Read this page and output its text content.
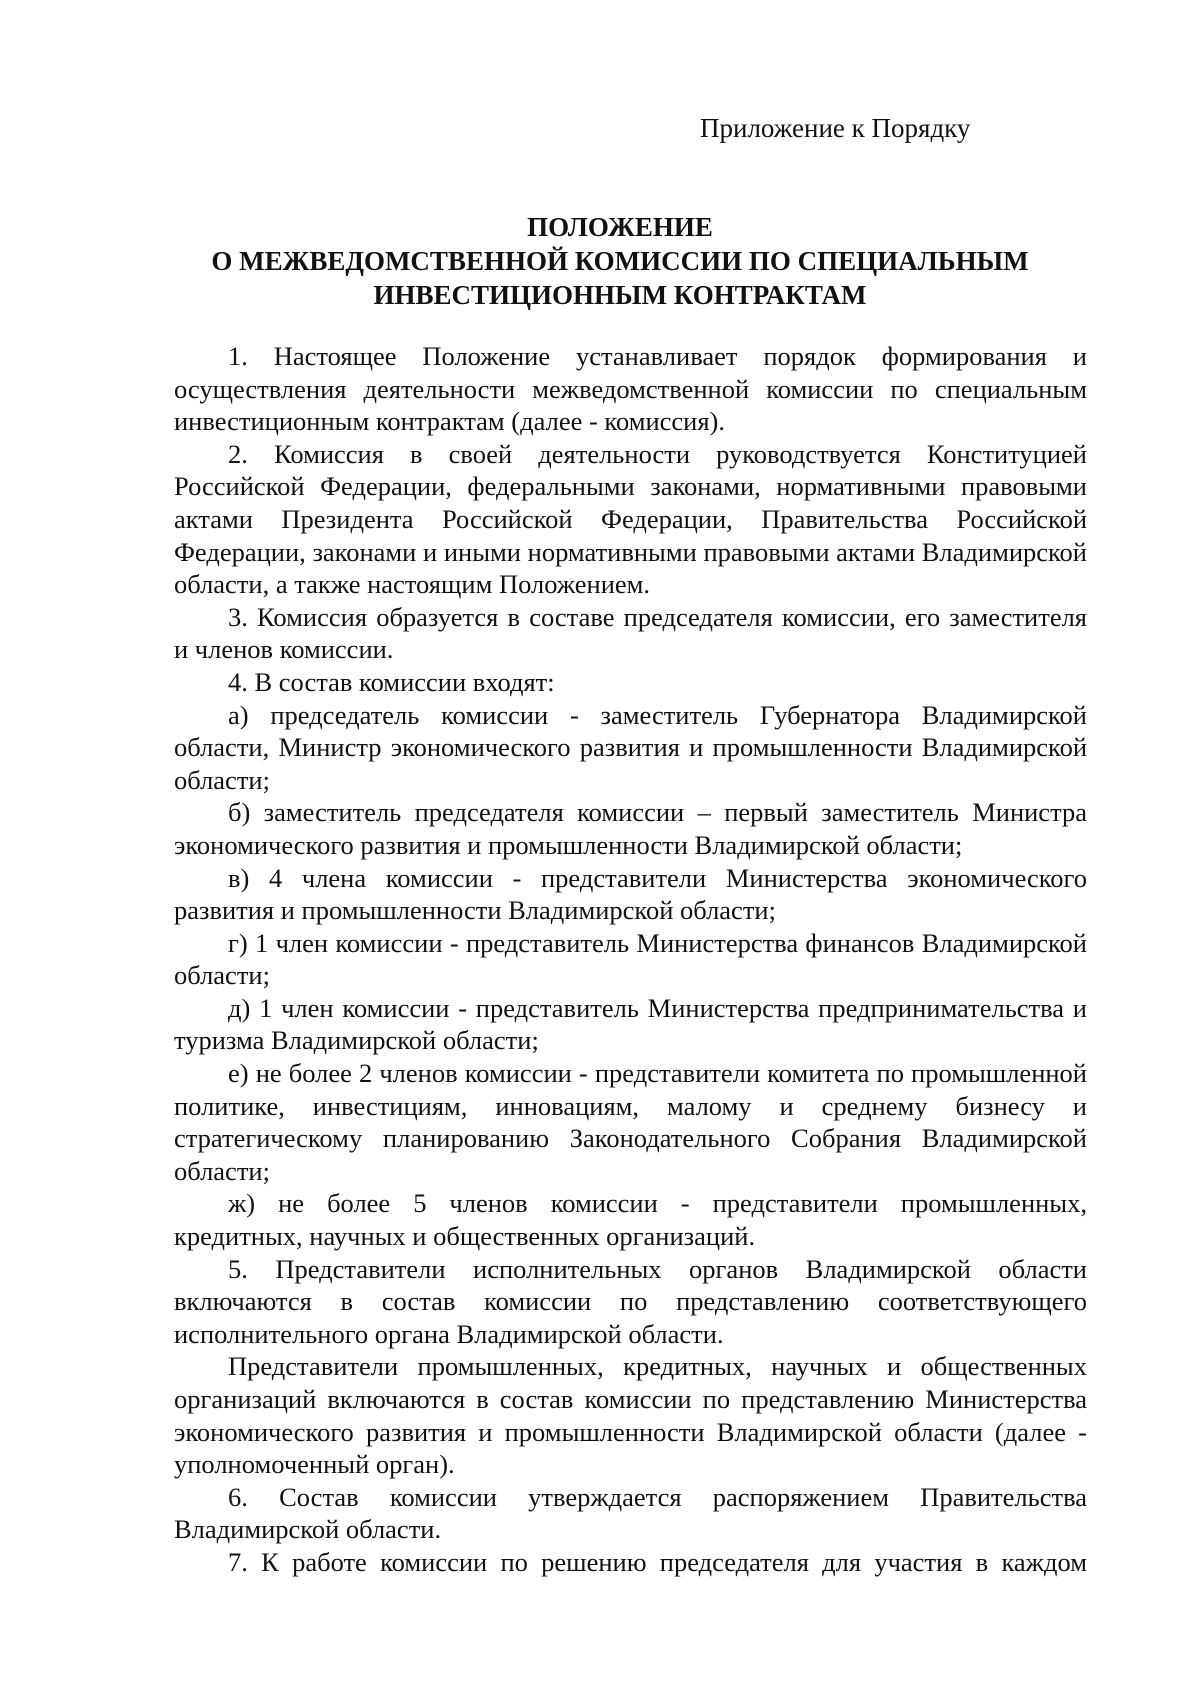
Приложение к Порядку
ПОЛОЖЕНИЕ
О МЕЖВЕДОМСТВЕННОЙ КОМИССИИ ПО СПЕЦИАЛЬНЫМ
ИНВЕСТИЦИОННЫМ КОНТРАКТАМ

1. Настоящее Положение устанавливает порядок формирования и осуществления деятельности межведомственной комиссии по специальным инвестиционным контрактам (далее - комиссия).

2. Комиссия в своей деятельности руководствуется Конституцией Российской Федерации, федеральными законами, нормативными правовыми актами Президента Российской Федерации, Правительства Российской Федерации, законами и иными нормативными правовыми актами Владимирской области, а также настоящим Положением.

3. Комиссия образуется в составе председателя комиссии, его заместителя и членов комиссии.

4. В состав комиссии входят:

а) председатель комиссии - заместитель Губернатора Владимирской области, Министр экономического развития и промышленности Владимирской области;

б) заместитель председателя комиссии – первый заместитель Министра экономического развития и промышленности Владимирской области;

в) 4 члена комиссии - представители Министерства экономического развития и промышленности Владимирской области;

г) 1 член комиссии - представитель Министерства финансов Владимирской области;

д) 1 член комиссии - представитель Министерства предпринимательства и туризма Владимирской области;

е) не более 2 членов комиссии - представители комитета по промышленной политике, инвестициям, инновациям, малому и среднему бизнесу и стратегическому планированию Законодательного Собрания Владимирской области;

ж) не более 5 членов комиссии - представители промышленных, кредитных, научных и общественных организаций.

5. Представители исполнительных органов Владимирской области включаются в состав комиссии по представлению соответствующего исполнительного органа Владимирской области.

Представители промышленных, кредитных, научных и общественных организаций включаются в состав комиссии по представлению Министерства экономического развития и промышленности Владимирской области (далее - уполномоченный орган).

6. Состав комиссии утверждается распоряжением Правительства Владимирской области.

7. К работе комиссии по решению председателя для участия в каждом
